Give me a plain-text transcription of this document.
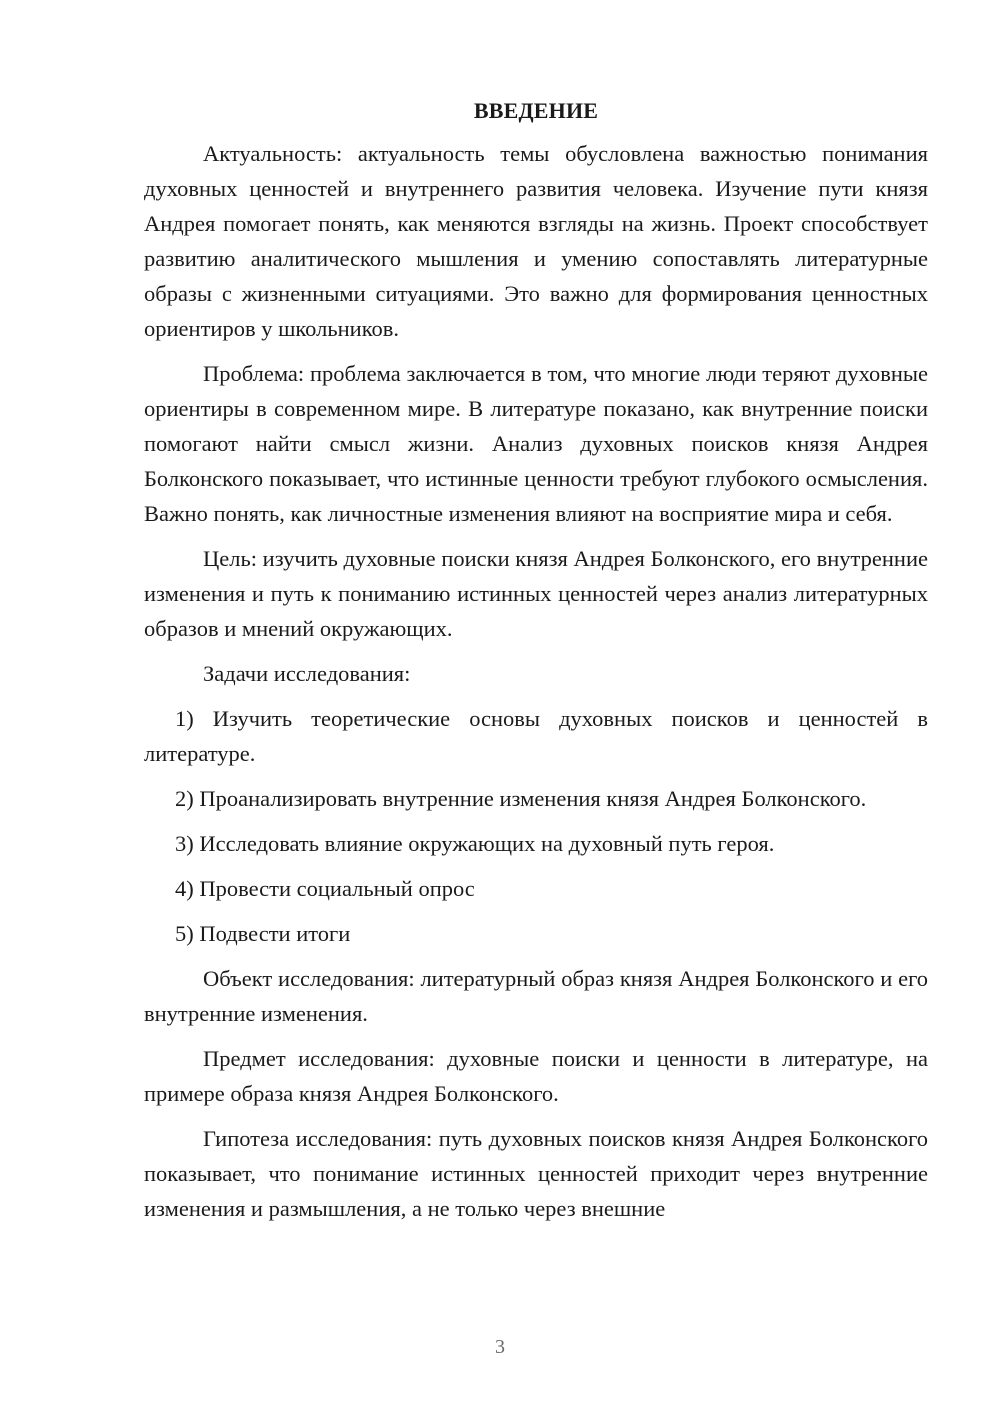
ВВЕДЕНИЕ

Актуальность: актуальность темы обусловлена важностью понимания духовных ценностей и внутреннего развития человека. Изучение пути князя Андрея помогает понять, как меняются взгляды на жизнь. Проект способствует развитию аналитического мышления и умению сопоставлять литературные образы с жизненными ситуациями. Это важно для формирования ценностных ориентиров у школьников.

Проблема: проблема заключается в том, что многие люди теряют духовные ориентиры в современном мире. В литературе показано, как внутренние поиски помогают найти смысл жизни. Анализ духовных поисков князя Андрея Болконского показывает, что истинные ценности требуют глубокого осмысления. Важно понять, как личностные изменения влияют на восприятие мира и себя.

Цель: изучить духовные поиски князя Андрея Болконского, его внутренние изменения и путь к пониманию истинных ценностей через анализ литературных образов и мнений окружающих.

Задачи исследования:

1) Изучить теоретические основы духовных поисков и ценностей в литературе.

2) Проанализировать внутренние изменения князя Андрея Болконского.

3) Исследовать влияние окружающих на духовный путь героя.

4) Провести социальный опрос

5) Подвести итоги

Объект исследования: литературный образ князя Андрея Болконского и его внутренние изменения.

Предмет исследования: духовные поиски и ценности в литературе, на примере образа князя Андрея Болконского.

Гипотеза исследования: путь духовных поисков князя Андрея Болконского показывает, что понимание истинных ценностей приходит через внутренние изменения и размышления, а не только через внешние

3
